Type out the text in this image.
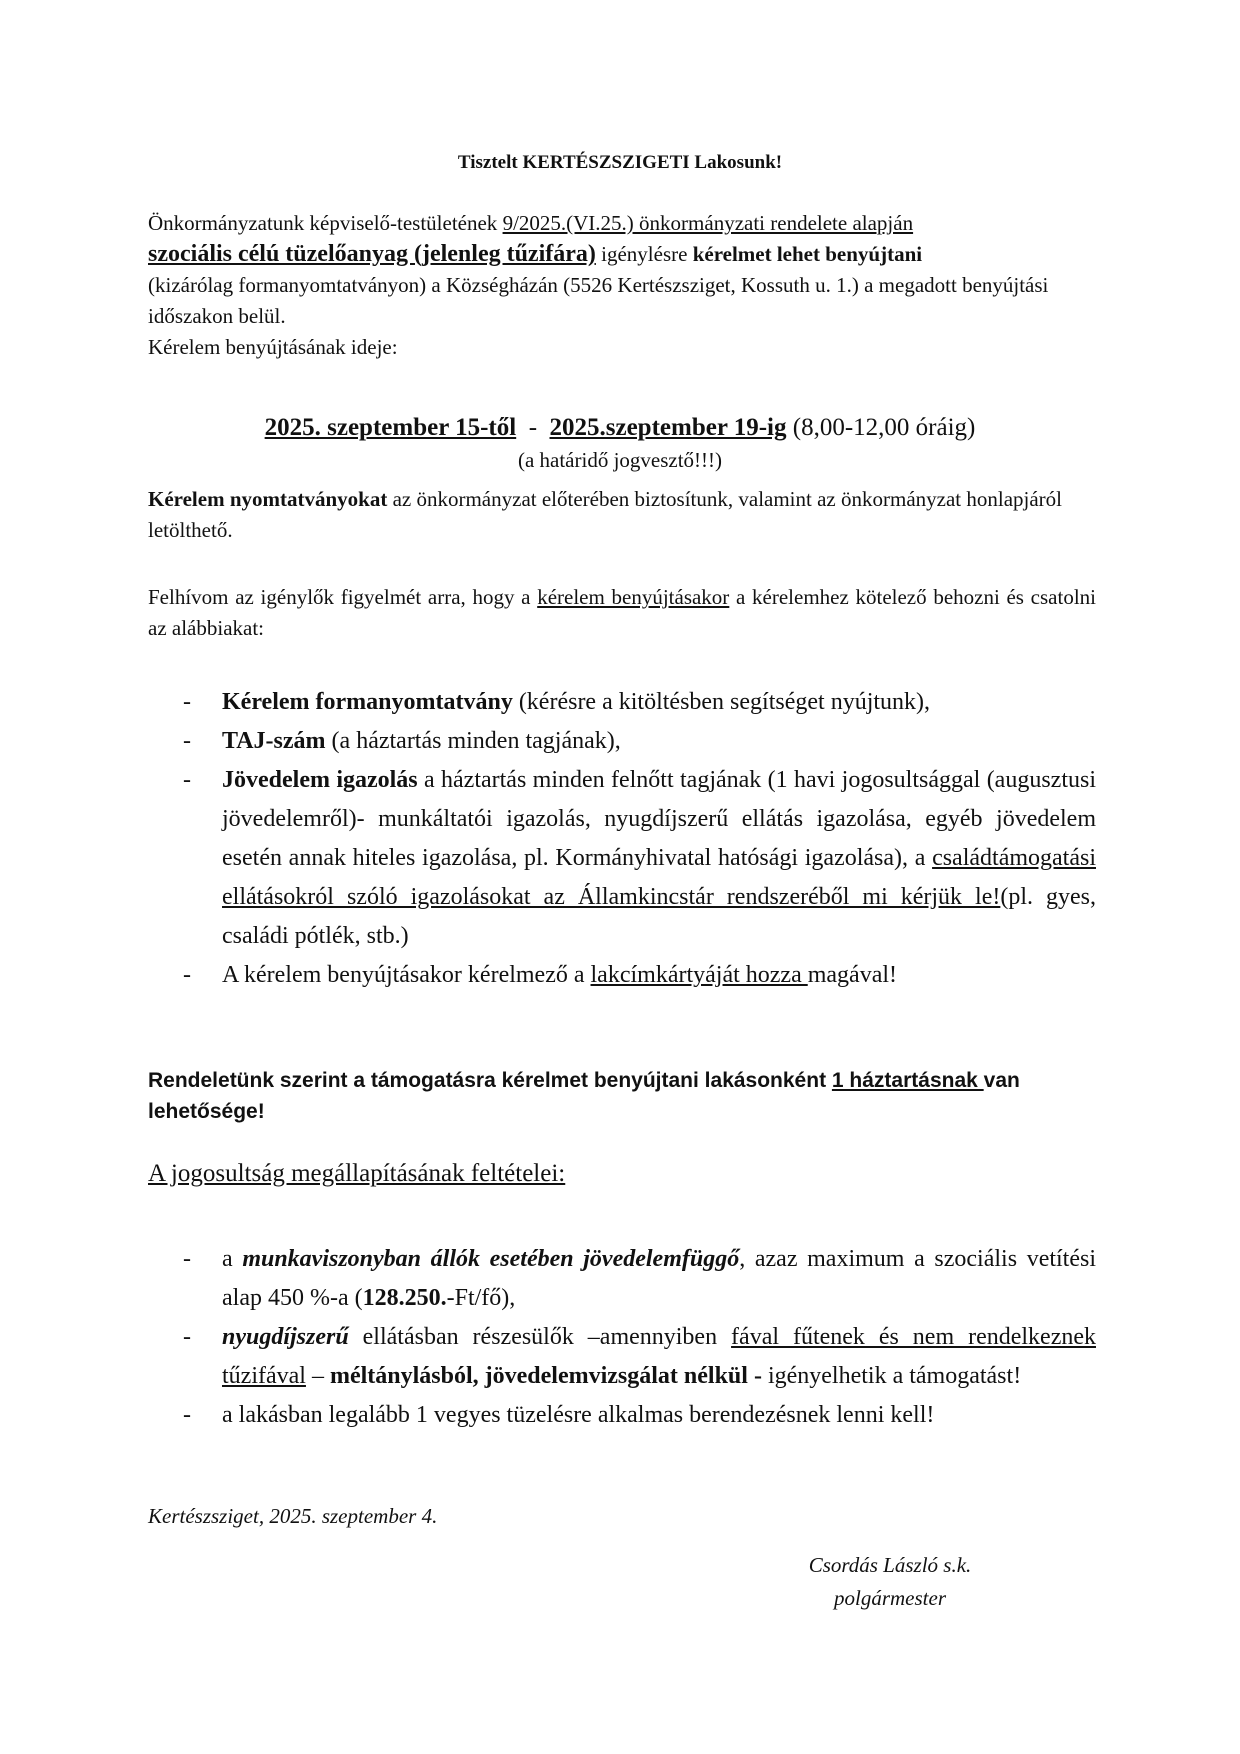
Tisztelt KERTÉSZSZIGETI Lakosunk!
Önkormányzatunk képviselő-testületének 9/2025.(VI.25.) önkormányzati rendelete alapján
szociális célú tüzelőanyag (jelenleg tűzifára) igénylésre kérelmet lehet benyújtani
(kizárólag formanyomtatványon) a Községházán (5526 Kertészsziget, Kossuth u. 1.) a megadott benyújtási időszakon belül.
Kérelem benyújtásának ideje:
2025. szeptember 15-től  -  2025.szeptember 19-ig (8,00-12,00 óráig)
(a határidő jogvesztő!!!)
Kérelem nyomtatványokat az önkormányzat előterében biztosítunk, valamint az önkormányzat honlapjáról letölthető.
Felhívom az igénylők figyelmét arra, hogy a kérelem benyújtásakor a kérelemhez kötelező behozni és csatolni az alábbiakat:
- Kérelem formanyomtatvány (kérésre a kitöltésben segítséget nyújtunk),
- TAJ-szám (a háztartás minden tagjának),
- Jövedelem igazolás a háztartás minden felnőtt tagjának (1 havi jogosultsággal (augusztusi jövedelemről)- munkáltatói igazolás, nyugdíjszerű ellátás igazolása, egyéb jövedelem esetén annak hiteles igazolása, pl. Kormányhivatal hatósági igazolása), a családtámogatási ellátásokról szóló igazolásokat az Államkincstár rendszeréből mi kérjük le!(pl. gyes, családi pótlék, stb.)
- A kérelem benyújtásakor kérelmező a lakcímkártyáját hozza magával!
Rendeletünk szerint a támogatásra kérelmet benyújtani lakásonként 1 háztartásnak van lehetősége!
A jogosultság megállapításának feltételei:
- a munkaviszonyban állók esetében jövedelemfüggő, azaz maximum a szociális vetítési alap 450 %-a (128.250.-Ft/fő),
- nyugdíjszerű ellátásban részesülők –amennyiben fával fűtenek és nem rendelkeznek tűzifával – méltánylásból, jövedelemvizsgálat nélkül - igényelhetik a támogatást!
- a lakásban legalább 1 vegyes tüzelésre alkalmas berendezésnek lenni kell!
Kertészsziget, 2025. szeptember 4.
Csordás László s.k.
polgármester
